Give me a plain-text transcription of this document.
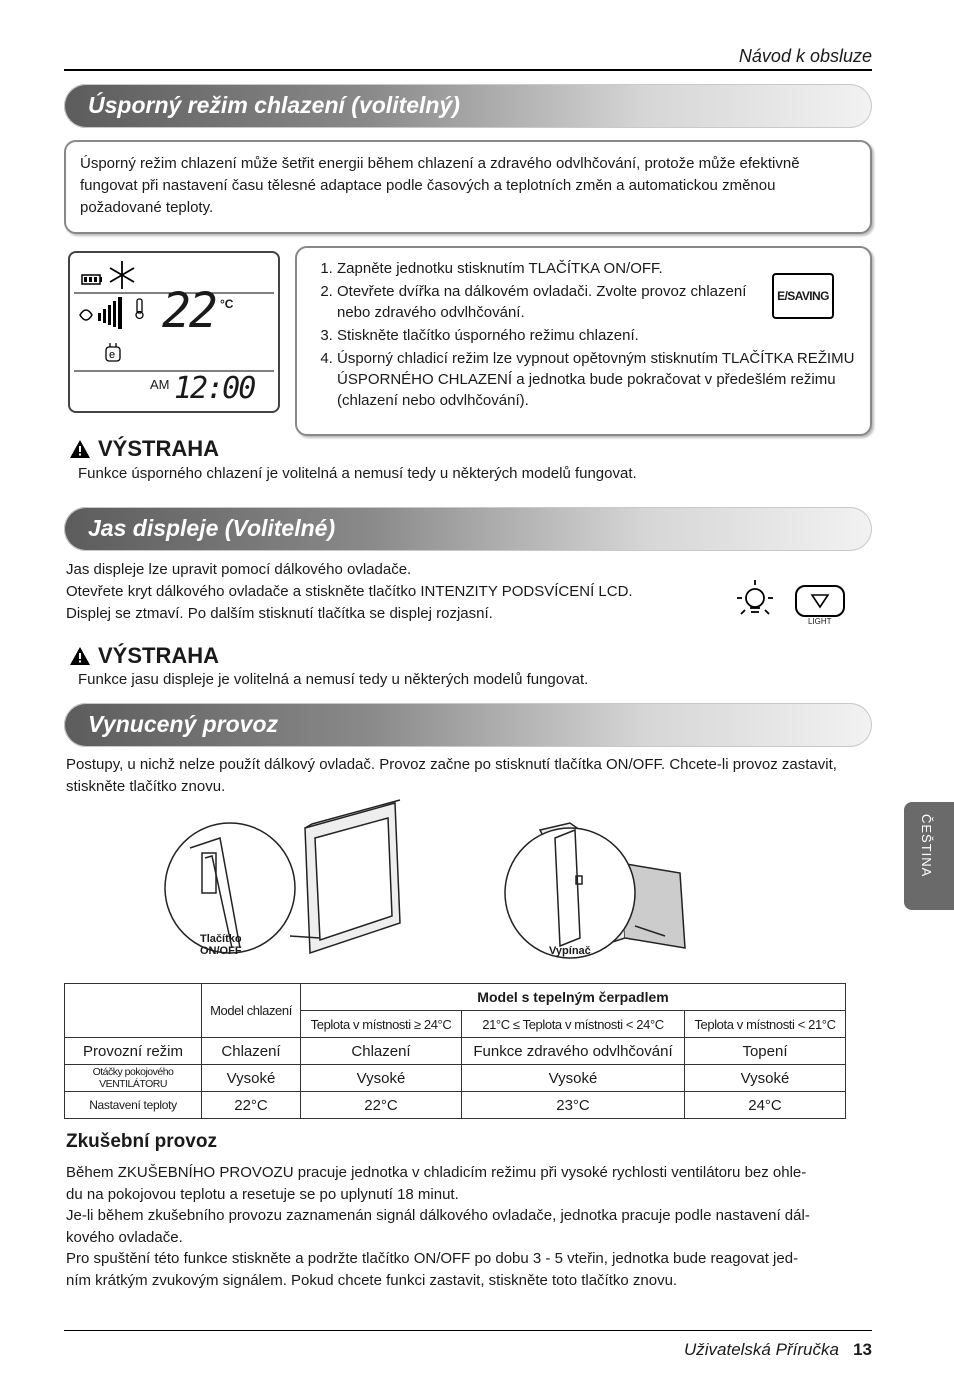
Návod k obsluze
Úsporný režim chlazení (volitelný)
Úsporný režim chlazení může šetřit energii během chlazení a zdravého odvlhčování, protože může efektivně fungovat při nastavení času tělesné adaptace podle časových a teplotních změn a automatickou změnou požadované teploty.
e
22 °C
AM 12:00
1. Zapněte jednotku stisknutím TLAČÍTKA ON/OFF.
2. Otevřete dvířka na dálkovém ovladači. Zvolte provoz chlazení nebo zdravého odvlhčování.
3. Stiskněte tlačítko úsporného režimu chlazení.
4. Úsporný chladicí režim lze vypnout opětovným stisknutím TLAČÍTKA REŽIMU ÚSPORNÉHO CHLAZENÍ a jednotka bude pokračovat v předešlém režimu (chlazení nebo odvlhčování).
E/SAVING
VÝSTRAHA
Funkce úsporného chlazení je volitelná a nemusí tedy u některých modelů fungovat.
Jas displeje (Volitelné)
Jas displeje lze upravit pomocí dálkového ovladače.
Otevřete kryt dálkového ovladače a stiskněte tlačítko INTENZITY PODSVÍCENÍ LCD.
Displej se ztmaví. Po dalším stisknutí tlačítka se displej rozjasní.	LIGHT
VÝSTRAHA
Funkce jasu displeje je volitelná a nemusí tedy u některých modelů fungovat.
Vynucený provoz
Postupy, u nichž nelze použít dálkový ovladač. Provoz začne po stisknutí tlačítka ON/OFF. Chcete-li provoz zastavit, stiskněte tlačítko znovu.
Tlačítko
ON/OFF	Vypínač
	Model chlazení	Model s tepelným čerpadlem		
		Teplota v místnosti ≥ 24°C	21°C ≤ Teplota v místnosti < 24°C	Teplota v místnosti < 21°C
Provozní režim	Chlazení	Chlazení	Funkce zdravého odvlhčování	Topení
Otáčky pokojového VENTILÁTORU	Vysoké	Vysoké	Vysoké	Vysoké
Nastavení teploty	22°C	22°C	23°C	24°C
Zkušební provoz
Během ZKUŠEBNÍHO PROVOZU pracuje jednotka v chladicím režimu při vysoké rychlosti ventilátoru bez ohle-
du na pokojovou teplotu a resetuje se po uplynutí 18 minut.
Je-li během zkušebního provozu zaznamenán signál dálkového ovladače, jednotka pracuje podle nastavení dál-
kového ovladače.
Pro spuštění této funkce stiskněte a podržte tlačítko ON/OFF po dobu 3 - 5 vteřin, jednotka bude reagovat jed-
ním krátkým zvukovým signálem. Pokud chcete funkci zastavit, stiskněte toto tlačítko znovu.
ČEŠTINA
Uživatelská Příručka 13
